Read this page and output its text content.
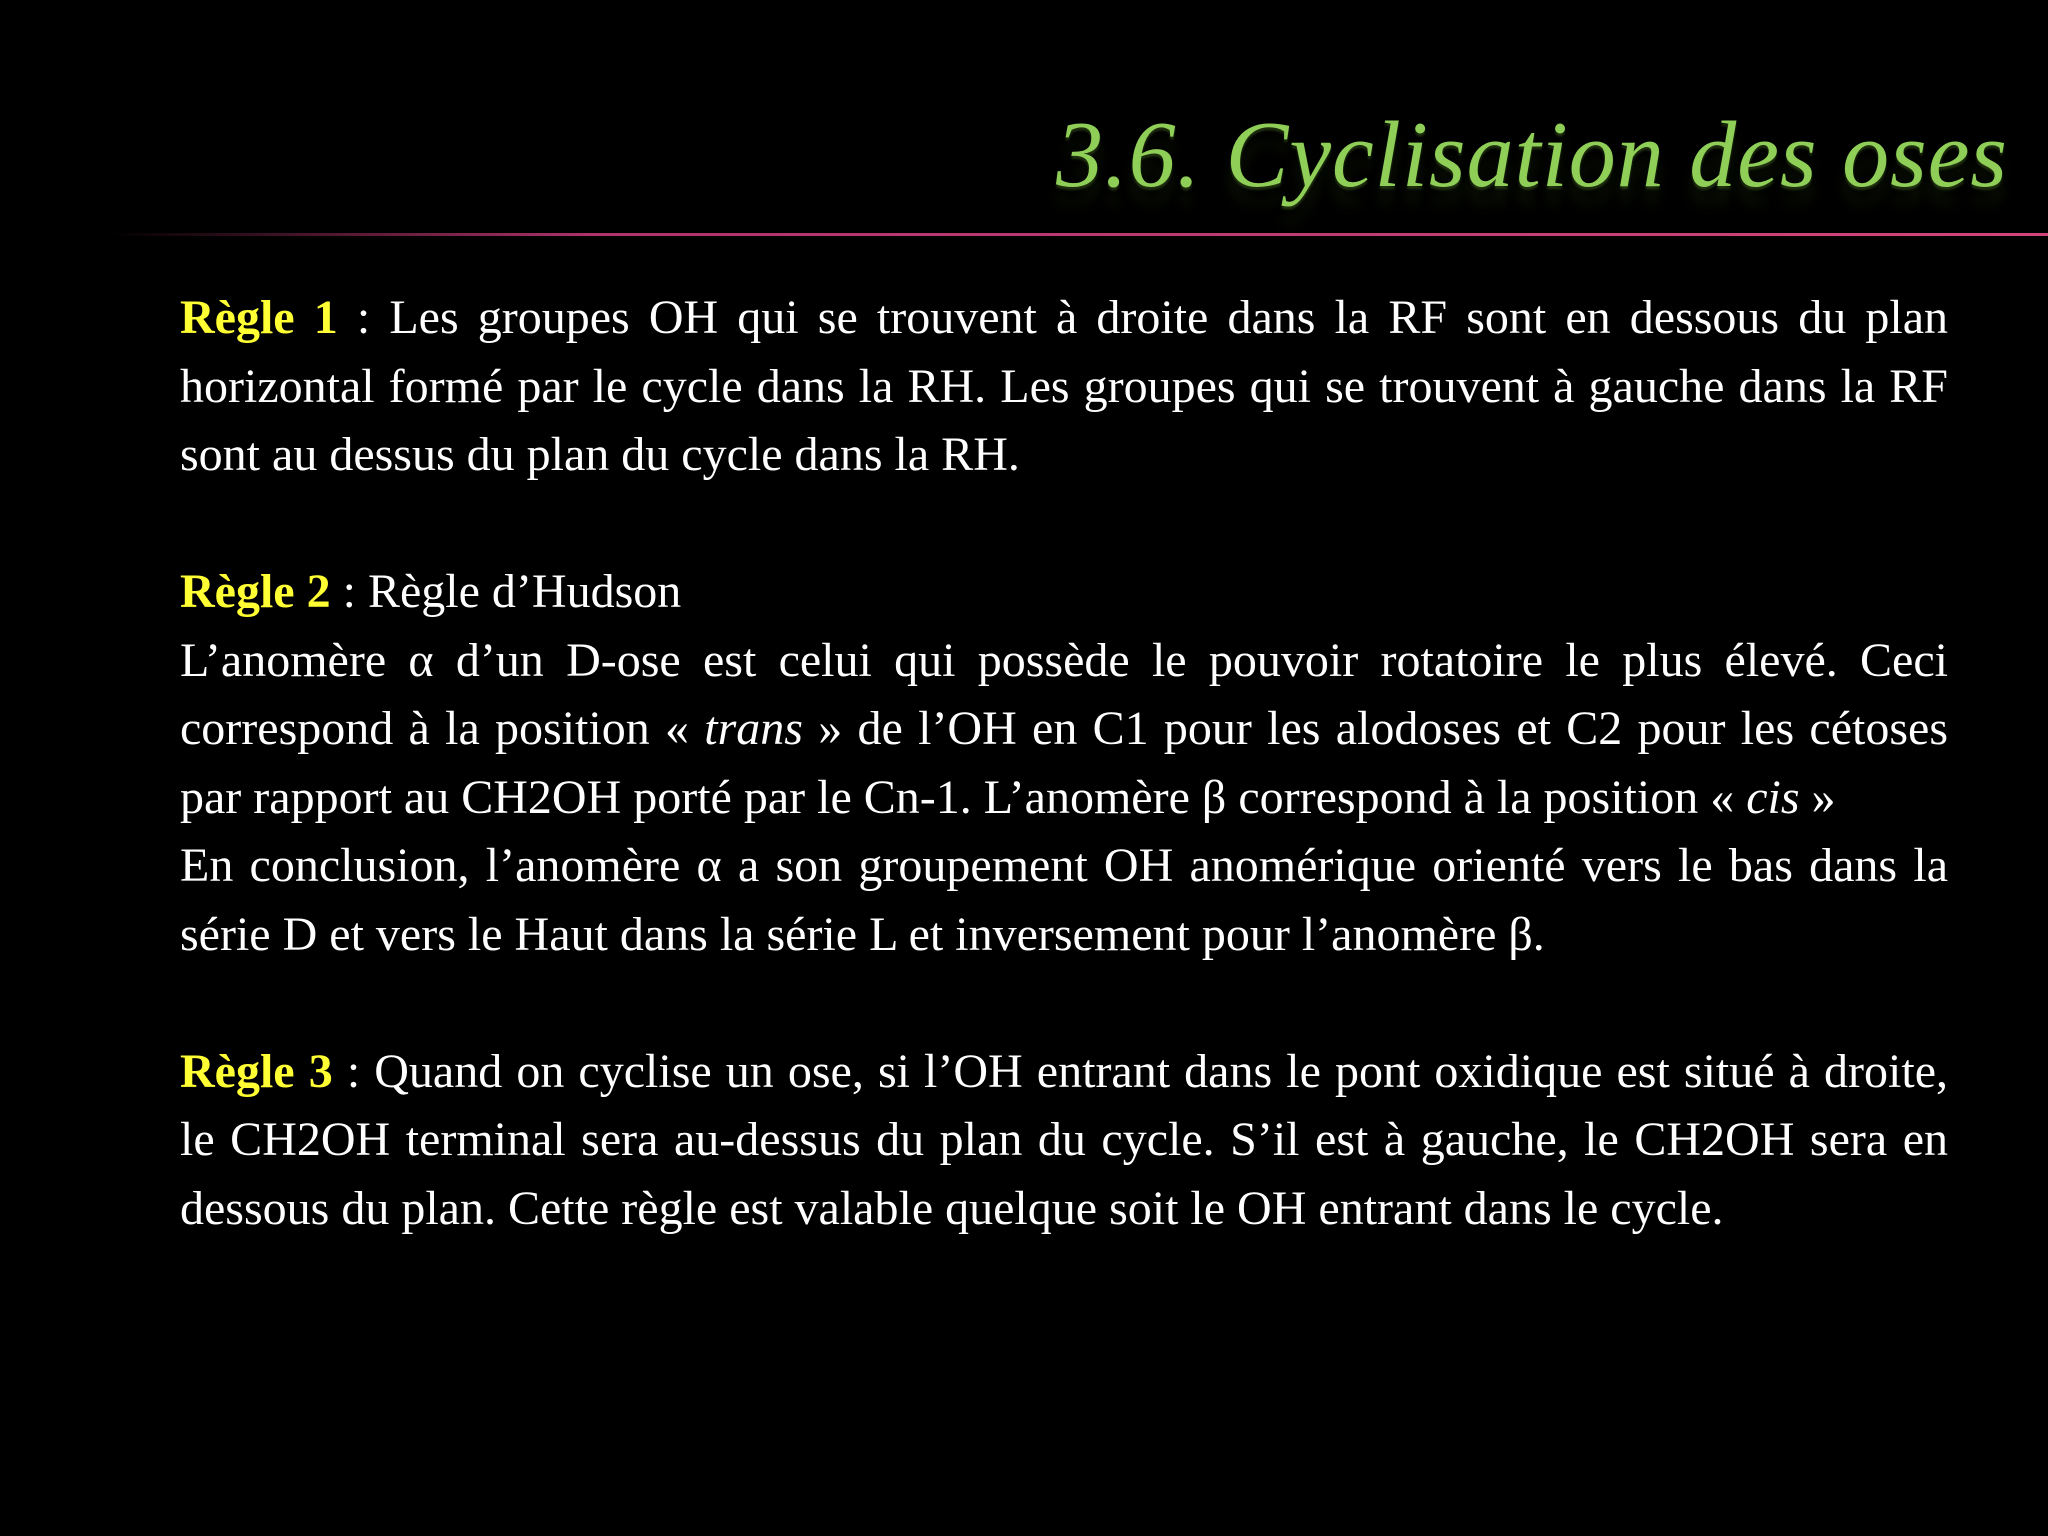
3.6. Cyclisation des oses

Règle 1 : Les groupes OH qui se trouvent à droite dans la RF sont en dessous du plan horizontal formé par le cycle dans la RH. Les groupes qui se trouvent à gauche dans la RF sont au dessus du plan du cycle dans la RH.

Règle 2 : Règle d’Hudson

L’anomère α d’un D-ose est celui qui possède le pouvoir rotatoire le plus élevé. Ceci correspond à la position « trans » de l’OH en C1 pour les alodoses et C2 pour les cétoses par rapport au CH2OH porté par le Cn-1. L’anomère β correspond à la position « cis »

En conclusion, l’anomère α a son groupement OH anomérique orienté vers le bas dans la série D et vers le Haut dans la série L et inversement pour l’anomère β.

Règle 3 : Quand on cyclise un ose, si l’OH entrant dans le pont oxidique est situé à droite, le CH2OH terminal sera au-dessus du plan du cycle. S’il est à gauche, le CH2OH sera en dessous du plan. Cette règle est valable quelque soit le OH entrant dans le cycle.
